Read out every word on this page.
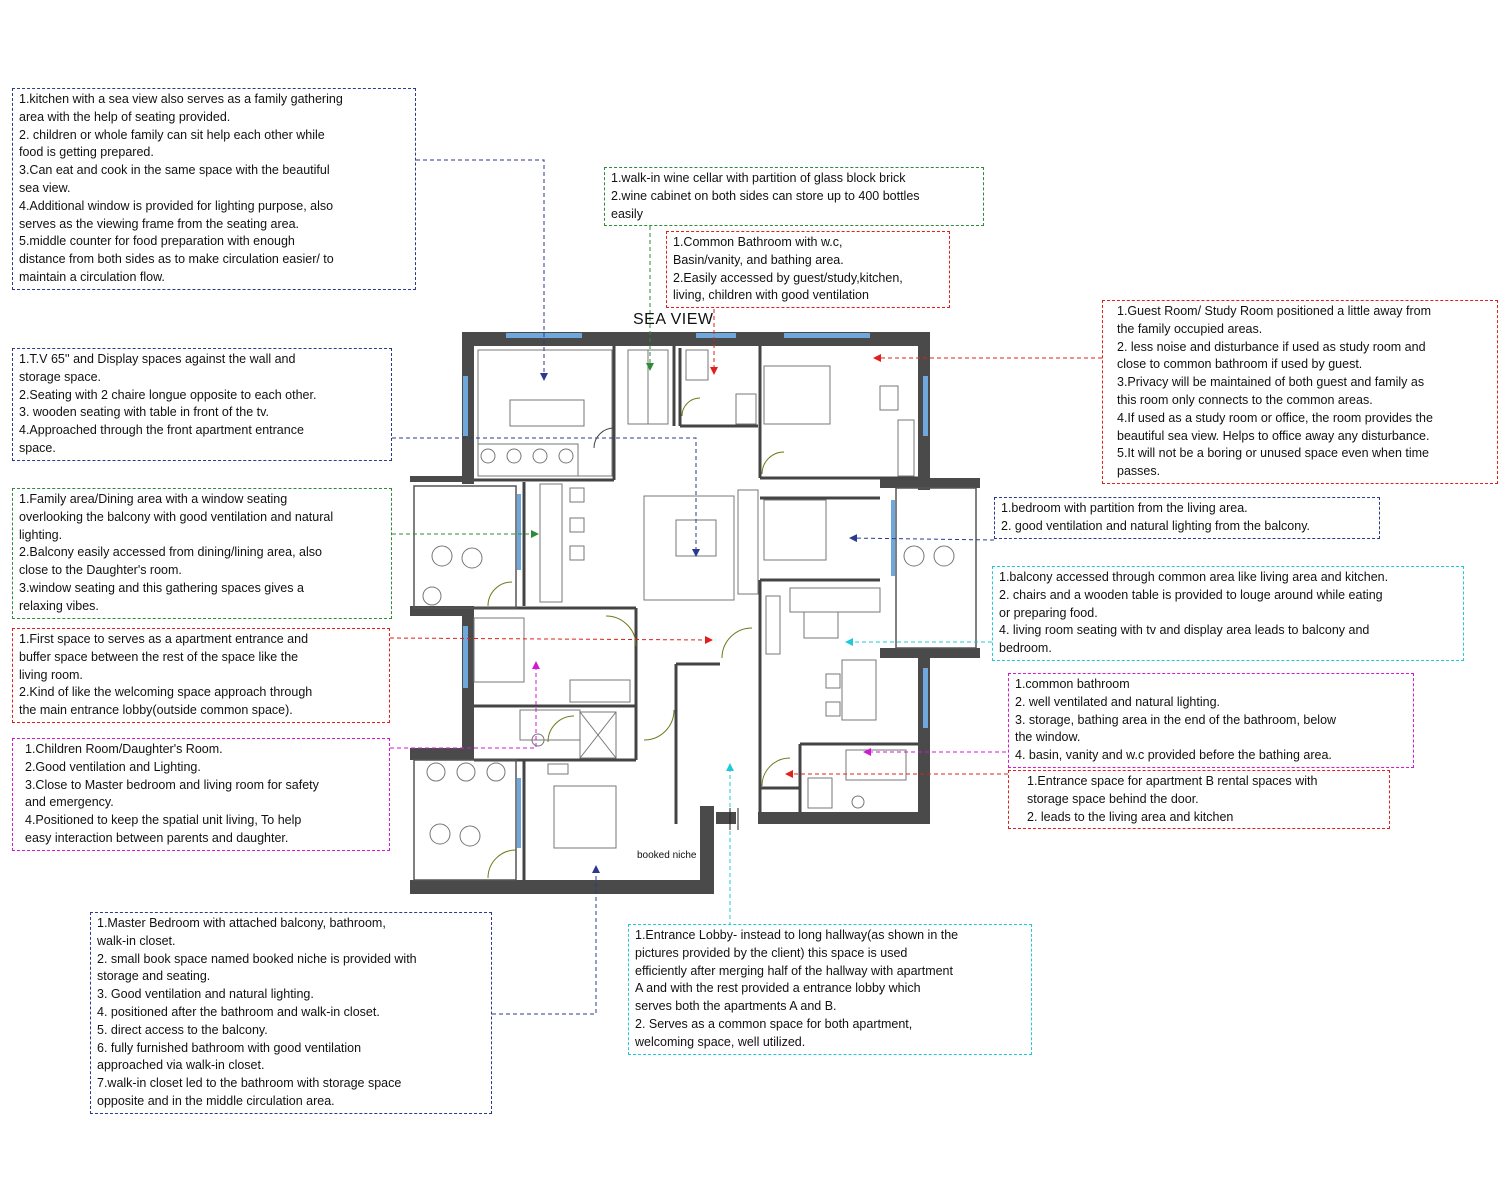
SEA VIEW
booked niche
1.kitchen with a sea view also serves as a family gathering
area with the help of seating provided.
2. children or whole family can sit help each other while
food is getting prepared.
3.Can eat and cook in the same space with the beautiful
sea view.
4.Additional window is provided for lighting purpose, also
serves as the viewing frame from the seating area.
5.middle counter for food preparation with enough
distance from both sides as to make circulation easier/ to
maintain a circulation flow.
1.walk-in wine cellar with partition of glass block brick
2.wine cabinet on both sides can store up to 400 bottles
easily
1.Common Bathroom with w.c,
Basin/vanity, and bathing area.
2.Easily accessed by guest/study,kitchen,
living, children with good ventilation
1.Guest Room/ Study Room positioned a little away from
the family occupied areas.
2. less noise and disturbance if used as study room and
close to common bathroom if used by guest.
3.Privacy will be maintained of both guest and family as
this room only connects to the common areas.
4.If used as a study room or office, the room provides the
beautiful sea view. Helps to office away any disturbance.
5.It will not be a boring or unused space even when time
passes.
1.T.V 65'' and Display spaces against the wall and
storage space.
2.Seating with 2 chaire longue opposite to each other.
3. wooden seating with table in front of the tv.
4.Approached through the front apartment entrance
space.
1.bedroom with partition from the living area.
2. good ventilation and natural lighting from the balcony.
1.Family area/Dining area with a window seating
overlooking the balcony with good ventilation and natural
lighting.
2.Balcony easily accessed from dining/lining area, also
close to the Daughter's room.
3.window seating and this gathering spaces gives a
relaxing vibes.
1.balcony accessed through common area like living area and kitchen.
2. chairs and a wooden table is provided to louge around while eating
or preparing food.
4. living room seating with tv and display area leads to balcony and
bedroom.
1.First space to serves as a apartment entrance and
buffer space between the rest of the space like the
living room.
2.Kind of like the welcoming space approach through
the main entrance lobby(outside common space).
1.common bathroom
2. well ventilated and natural lighting.
3. storage, bathing area in the end of the bathroom, below
the window.
4. basin, vanity and w.c provided before the bathing area.
1.Children Room/Daughter's Room.
2.Good ventilation and Lighting.
3.Close to Master bedroom and living room for safety
and emergency.
4.Positioned to keep the spatial unit living, To help
easy interaction between parents and daughter.
1.Entrance space for apartment B rental spaces with
storage space behind the door.
2. leads to the living area and kitchen
1.Master Bedroom with attached balcony, bathroom,
walk-in closet.
2. small book space named booked niche is provided with
storage and seating.
3. Good ventilation and natural lighting.
4. positioned after the bathroom and walk-in closet.
5. direct access to the balcony.
6. fully furnished bathroom with good ventilation
approached via walk-in closet.
7.walk-in closet led to the bathroom with storage space
opposite and in the middle circulation area.
1.Entrance Lobby- instead to long hallway(as shown in the
pictures provided by the client) this space is used
efficiently after merging half of the hallway with apartment
A and with the rest provided a entrance lobby which
serves both the apartments A and B.
2. Serves as a common space for both apartment,
welcoming space, well utilized.
